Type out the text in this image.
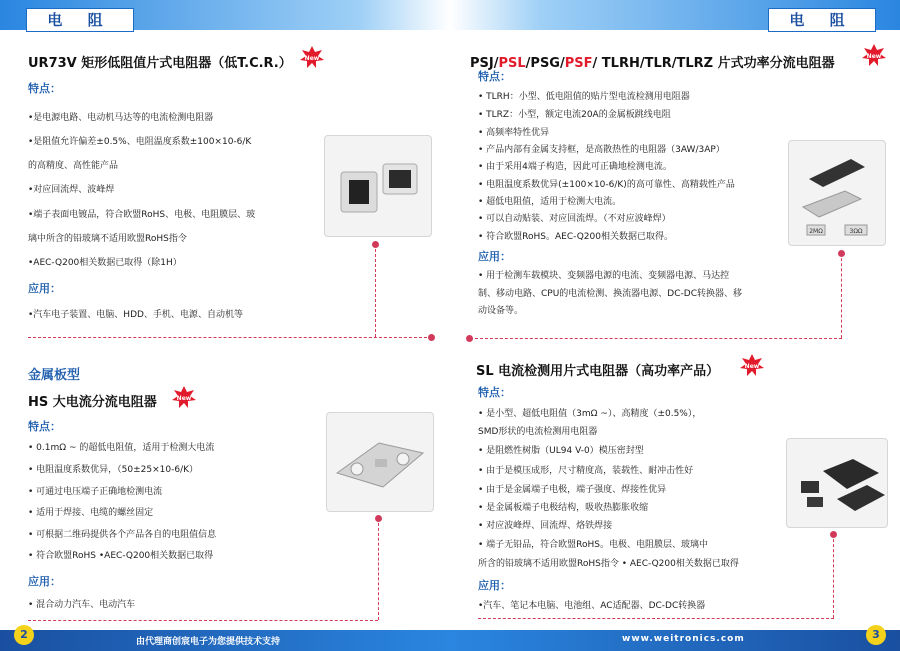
电 阻	电 阻
UR73V 矩形低阻值片式电阻器（低T.C.R.） New
特点：
•是电源电路、电动机马达等的电流检测电阻器
•是阻值允许偏差±0.5%、电阻温度系数±100×10-6/K
的高精度、高性能产品
•对应回流焊、波峰焊
•端子表面电镀品，符合欧盟RoHS、电极、电阻膜层、玻
璃中所含的铅玻璃不适用欧盟RoHS指令
•AEC-Q200相关数据已取得（除1H）
应用：
•汽车电子装置、电脑、HDD、手机、电源、自动机等
金属板型
HS 大电流分流电阻器	New
特点：
• 0.1mΩ ~ 的超低电阻值，适用于检测大电流
• 电阻温度系数优异，（50±25×10-6/K）
• 可通过电压端子正确地检测电流
• 适用于焊接、电缆的螺丝固定
• 可根据二维码提供各个产品各自的电阻值信息
• 符合欧盟RoHS •AEC-Q200相关数据已取得
应用：
• 混合动力汽车、电动汽车
PSJ/PSL/PSG/PSF/ TLRH/TLR/TLRZ 片式功率分流电阻器	New
特点：
• TLRH：小型、低电阻值的贴片型电流检测用电阻器
• TLRZ：小型，额定电流20A的金属板跳线电阻
• 高频率特性优异
• 产品内部有金属支持框，是高散热性的电阻器（3AW/3AP）
• 由于采用4端子构造，因此可正确地检测电流。
• 电阻温度系数优异(±100×10-6/K)的高可靠性、高精载性产品
• 超低电阻值，适用于检测大电流。
• 可以自动贴装、对应回流焊。（不对应波峰焊）
• 符合欧盟RoHS。AEC-Q200相关数据已取得。
应用：
• 用于检测车载模块、变频器电源的电流、变频器电源、马达控
制、移动电路、CPU的电流检测、换流器电源、DC-DC转换器、移
动设备等。
2MΩ	3ΩΩ
SL 电流检测用片式电阻器（高功率产品）	New
特点：
• 是小型、超低电阻值（3mΩ ~）、高精度（±0.5%），
SMD形状的电流检测用电阻器
• 是阻燃性树脂（UL94 V-0）模压密封型
• 由于是模压成形，尺寸精度高，装载性、耐冲击性好
• 由于是金属端子电极，端子强度、焊接性优异
• 是金属板端子电极结构，吸收热膨胀收缩
• 对应波峰焊、回流焊、烙铁焊接
• 端子无铅品，符合欧盟RoHS。电极、电阻膜层、玻璃中
所含的铅玻璃不适用欧盟RoHS指令 • AEC-Q200相关数据已取得
应用：
•汽车、笔记本电脑、电池组、AC适配器、DC-DC转换器
2	3
由代理商创宸电子为您提供技术支持	www.weitronics.com
